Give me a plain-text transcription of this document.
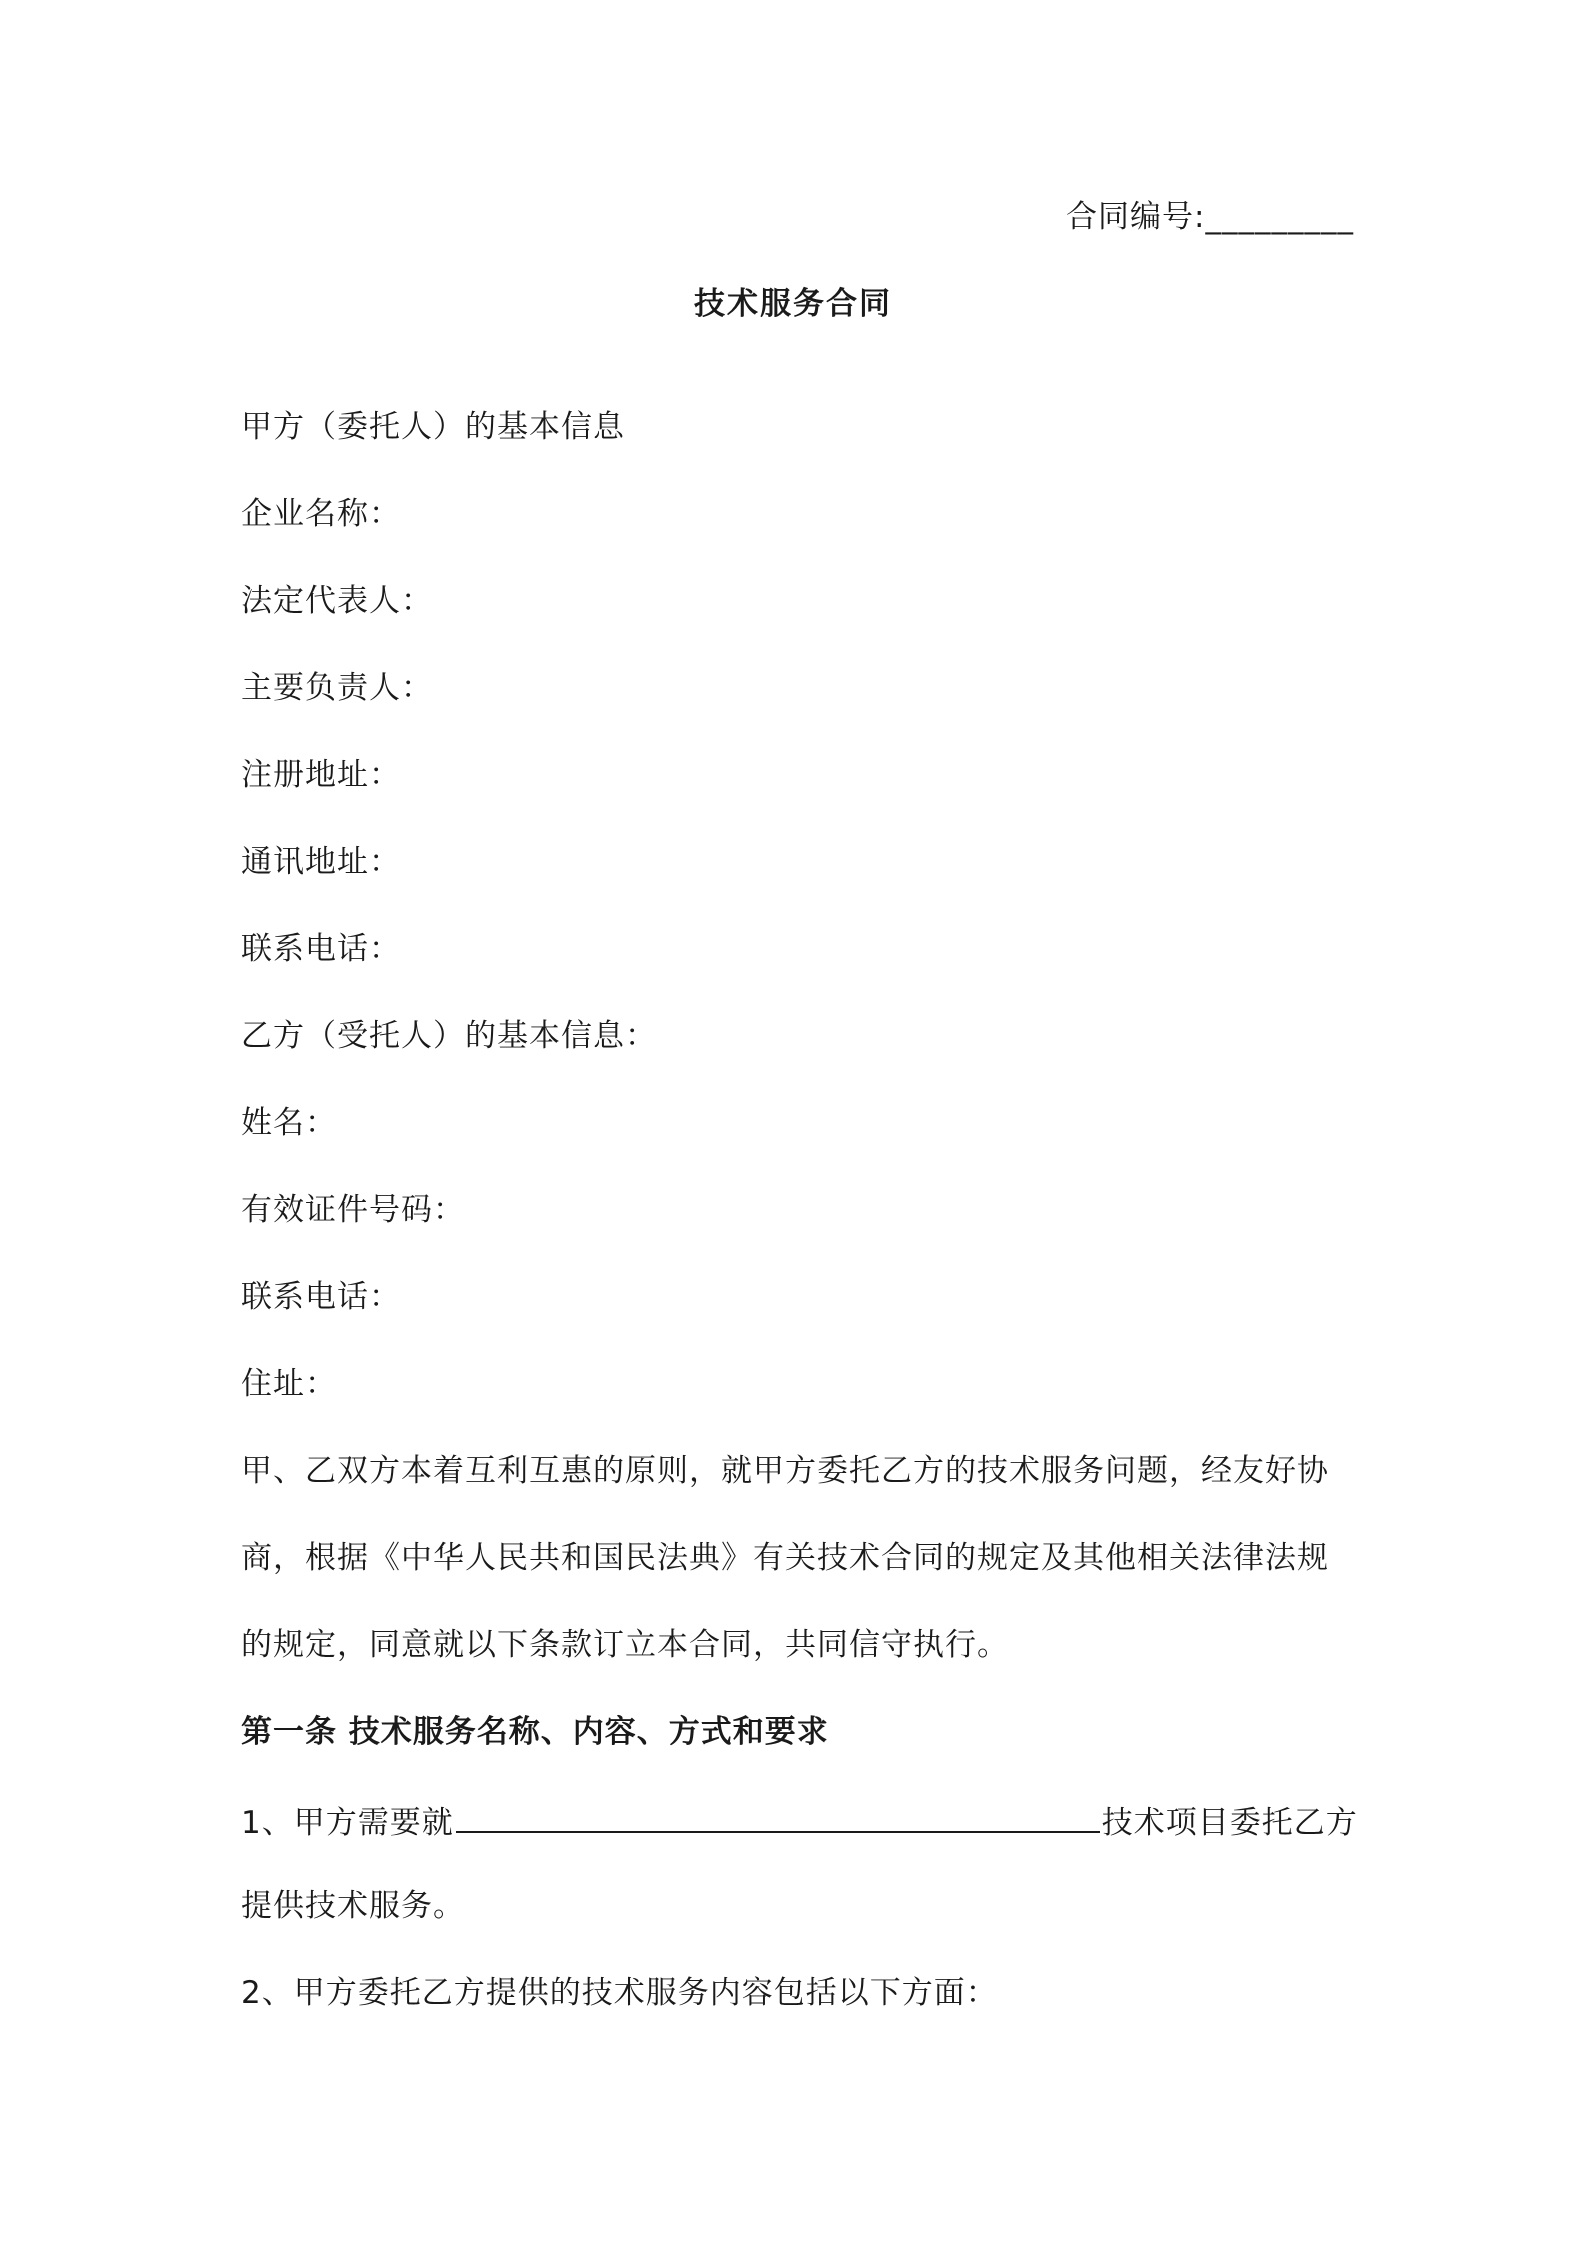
合同编号:_________
技术服务合同
甲方（委托人）的基本信息
企业名称：
法定代表人：
主要负责人：
注册地址：
通讯地址：
联系电话：
乙方（受托人）的基本信息：
姓名：
有效证件号码：
联系电话：
住址：
甲、乙双方本着互利互惠的原则，就甲方委托乙方的技术服务问题，经友好协
商，根据《中华人民共和国民法典》有关技术合同的规定及其他相关法律法规
的规定，同意就以下条款订立本合同，共同信守执行。
第一条 技术服务名称、内容、方式和要求
1、甲方需要就	技术项目委托乙方
提供技术服务。
2、甲方委托乙方提供的技术服务内容包括以下方面：
